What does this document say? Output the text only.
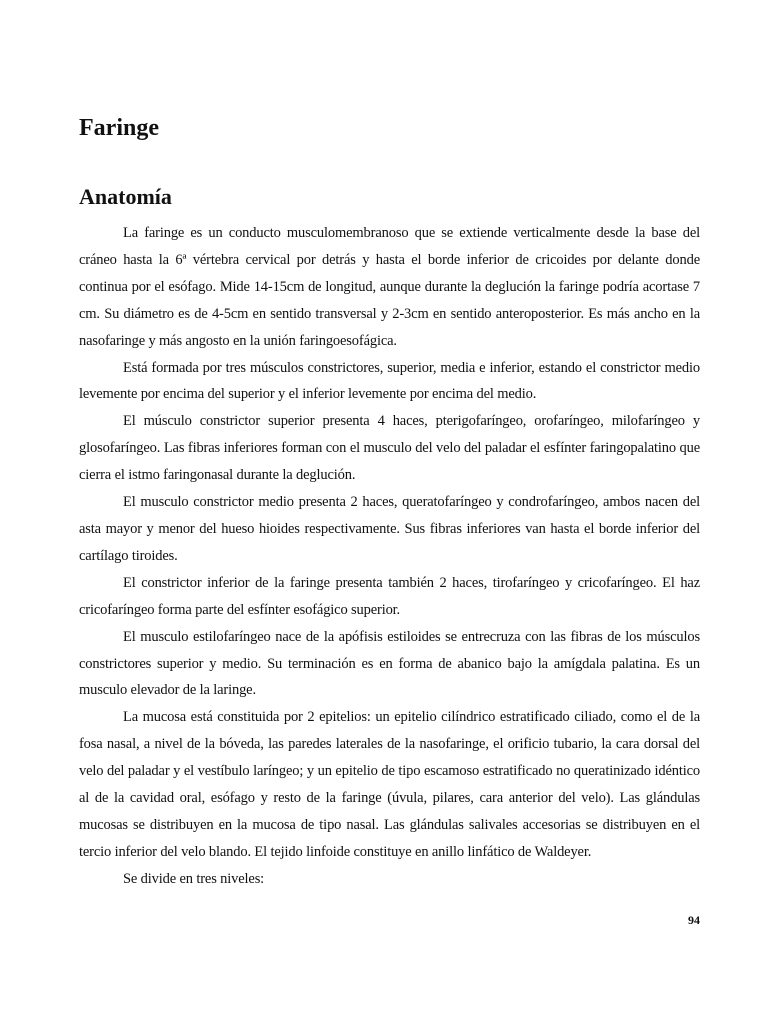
Faringe
Anatomía

La faringe es un conducto musculomembranoso que se extiende verticalmente desde la base del cráneo hasta la 6ª vértebra cervical por detrás y hasta el borde inferior de cricoides por delante donde continua por el esófago. Mide 14-15cm de longitud, aunque durante la deglución la faringe podría acortase 7 cm. Su diámetro es de 4-5cm en sentido transversal y 2-3cm en sentido anteroposterior. Es más ancho en la nasofaringe y más angosto en la unión faringoesofágica.

Está formada por tres músculos constrictores, superior, media e inferior, estando el constrictor medio levemente por encima del superior y el inferior levemente por encima del medio.

El músculo constrictor superior presenta 4 haces, pterigofaríngeo, orofaríngeo, milofaríngeo y glosofaríngeo. Las fibras inferiores forman con el musculo del velo del paladar el esfínter faringopalatino que cierra el istmo faringonasal durante la deglución.

El musculo constrictor medio presenta 2 haces, queratofaríngeo y condrofaríngeo, ambos nacen del asta mayor y menor del hueso hioides respectivamente. Sus fibras inferiores van hasta el borde inferior del cartílago tiroides.

El constrictor inferior de la faringe presenta también 2 haces, tirofaríngeo y cricofaríngeo. El haz cricofaríngeo forma parte del esfínter esofágico superior.

El musculo estilofaríngeo nace de la apófisis estiloides se entrecruza con las fibras de los músculos constrictores superior y medio. Su terminación es en forma de abanico bajo la amígdala palatina. Es un musculo elevador de la laringe.

La mucosa está constituida por 2 epitelios: un epitelio cilíndrico estratificado ciliado, como el de la fosa nasal, a nivel de la bóveda, las paredes laterales de la nasofaringe, el orificio tubario, la cara dorsal del velo del paladar y el vestíbulo laríngeo; y un epitelio de tipo escamoso estratificado no queratinizado idéntico al de la cavidad oral, esófago y resto de la faringe (úvula, pilares, cara anterior del velo). Las glándulas mucosas se distribuyen en la mucosa de tipo nasal. Las glándulas salivales accesorias se distribuyen en el tercio inferior del velo blando. El tejido linfoide constituye en anillo linfático de Waldeyer.

Se divide en tres niveles:

94
